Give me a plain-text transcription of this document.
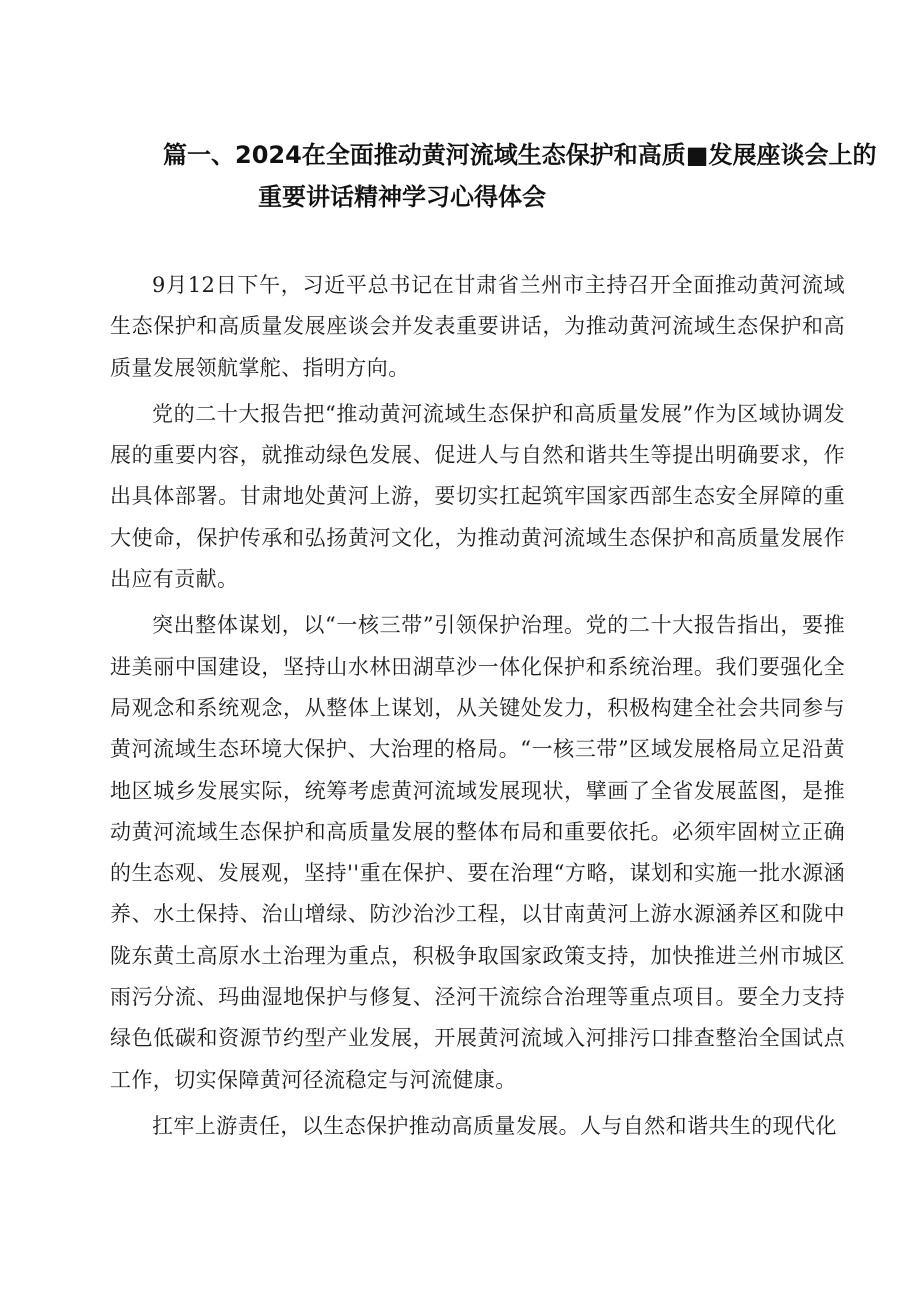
篇一、2024在全面推动黄河流域生态保护和高质■发展座谈会上的
重要讲话精神学习心得体会

9月12日下午，习近平总书记在甘肃省兰州市主持召开全面推动黄河流域生态保护和高质量发展座谈会并发表重要讲话，为推动黄河流域生态保护和高质量发展领航掌舵、指明方向。

党的二十大报告把“推动黄河流域生态保护和高质量发展”作为区域协调发展的重要内容，就推动绿色发展、促进人与自然和谐共生等提出明确要求，作出具体部署。甘肃地处黄河上游，要切实扛起筑牢国家西部生态安全屏障的重大使命，保护传承和弘扬黄河文化，为推动黄河流域生态保护和高质量发展作出应有贡献。

突出整体谋划，以“一核三带”引领保护治理。党的二十大报告指出，要推进美丽中国建设，坚持山水林田湖草沙一体化保护和系统治理。我们要强化全局观念和系统观念，从整体上谋划，从关键处发力，积极构建全社会共同参与黄河流域生态环境大保护、大治理的格局。“一核三带”区域发展格局立足沿黄地区城乡发展实际，统筹考虑黄河流域发展现状，擘画了全省发展蓝图，是推动黄河流域生态保护和高质量发展的整体布局和重要依托。必须牢固树立正确的生态观、发展观，坚持''重在保护、要在治理“方略，谋划和实施一批水源涵养、水土保持、治山增绿、防沙治沙工程，以甘南黄河上游水源涵养区和陇中陇东黄土高原水土治理为重点，积极争取国家政策支持，加快推进兰州市城区雨污分流、玛曲湿地保护与修复、泾河干流综合治理等重点项目。要全力支持绿色低碳和资源节约型产业发展，开展黄河流域入河排污口排查整治全国试点工作，切实保障黄河径流稳定与河流健康。

扛牢上游责任，以生态保护推动高质量发展。人与自然和谐共生的现代化
